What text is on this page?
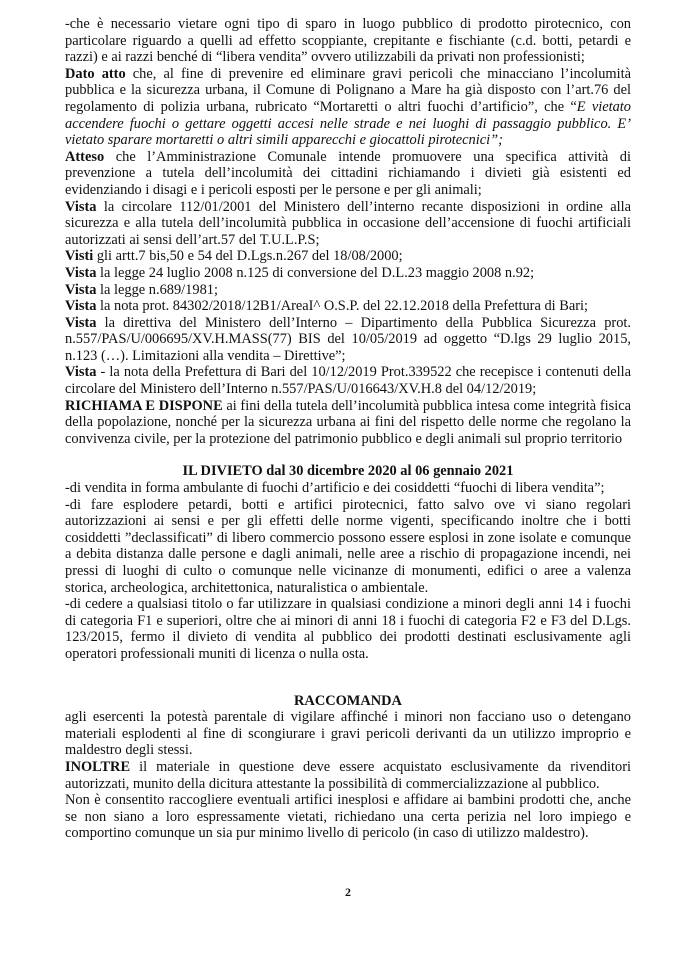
-che è necessario vietare ogni tipo di sparo in luogo pubblico di prodotto pirotecnico, con particolare riguardo a quelli ad effetto scoppiante, crepitante e fischiante (c.d. botti, petardi e razzi) e ai razzi benché di “libera vendita” ovvero utilizzabili da privati non professionisti;

Dato atto che, al fine di prevenire ed eliminare gravi pericoli che minacciano l’incolumità pubblica e la sicurezza urbana, il Comune di Polignano a Mare ha già disposto con l’art.76 del regolamento di polizia urbana, rubricato “Mortaretti o altri fuochi d’artificio”, che “E vietato accendere fuochi o gettare oggetti accesi nelle strade e nei luoghi di passaggio pubblico. E’ vietato sparare mortaretti o altri simili apparecchi e giocattoli pirotecnici”;

Atteso che l’Amministrazione Comunale intende promuovere una specifica attività di prevenzione a tutela dell’incolumità dei cittadini richiamando i divieti già esistenti ed evidenziando i disagi e i pericoli esposti per le persone e per gli animali;

Vista la circolare 112/01/2001 del Ministero dell’interno recante disposizioni in ordine alla sicurezza e alla tutela dell’incolumità pubblica in occasione dell’accensione di fuochi artificiali autorizzati ai sensi dell’art.57 del T.U.L.P.S;

Visti gli artt.7 bis,50 e 54 del D.Lgs.n.267 del 18/08/2000;

Vista la legge 24 luglio 2008 n.125 di conversione del D.L.23 maggio 2008 n.92;

Vista la legge n.689/1981;

Vista la nota prot. 84302/2018/12B1/AreaI^ O.S.P. del 22.12.2018 della Prefettura di Bari;

Vista la direttiva del Ministero dell’Interno – Dipartimento della Pubblica Sicurezza prot. n.557/PAS/U/006695/XV.H.MASS(77) BIS del 10/05/2019 ad oggetto “D.lgs 29 luglio 2015, n.123 (…). Limitazioni alla vendita – Direttive”;

Vista - la nota della Prefettura di Bari del 10/12/2019 Prot.339522 che recepisce i contenuti della circolare del Ministero dell’Interno n.557/PAS/U/016643/XV.H.8 del 04/12/2019;

RICHIAMA E DISPONE ai fini della tutela dell’incolumità pubblica intesa come integrità fisica della popolazione, nonché per la sicurezza urbana ai fini del rispetto delle norme che regolano la convivenza civile, per la protezione del patrimonio pubblico e degli animali sul proprio territorio

IL DIVIETO dal 30 dicembre 2020 al 06 gennaio 2021

-di vendita in forma ambulante di fuochi d’artificio e dei cosiddetti “fuochi di libera vendita”;

-di fare esplodere petardi, botti e artifici pirotecnici, fatto salvo ove vi siano regolari autorizzazioni ai sensi e per gli effetti delle norme vigenti, specificando inoltre che i botti cosiddetti ”declassificati” di libero commercio possono essere esplosi in zone isolate e comunque a debita distanza dalle persone e dagli animali, nelle aree a rischio di propagazione incendi, nei pressi di luoghi di culto o comunque nelle vicinanze di monumenti, edifici o aree a valenza storica, archeologica, architettonica, naturalistica o ambientale.

-di cedere a qualsiasi titolo o far utilizzare in qualsiasi condizione a minori degli anni 14 i fuochi di categoria F1 e superiori, oltre che ai minori di anni 18 i fuochi di categoria F2 e F3 del D.Lgs. 123/2015, fermo il divieto di vendita al pubblico dei prodotti destinati esclusivamente agli operatori professionali muniti di licenza o nulla osta.

RACCOMANDA

agli esercenti la potestà parentale di vigilare affinché i minori non facciano uso o detengano materiali esplodenti al fine di scongiurare i gravi pericoli derivanti da un utilizzo improprio e maldestro degli stessi.

INOLTRE il materiale in questione deve essere acquistato esclusivamente da rivenditori autorizzati, munito della dicitura attestante la possibilità di commercializzazione al pubblico.

Non è consentito raccogliere eventuali artifici inesplosi e affidare ai bambini prodotti che, anche se non siano a loro espressamente vietati, richiedano una certa perizia nel loro impiego e comportino comunque un sia pur minimo livello di pericolo (in caso di utilizzo maldestro).

2
